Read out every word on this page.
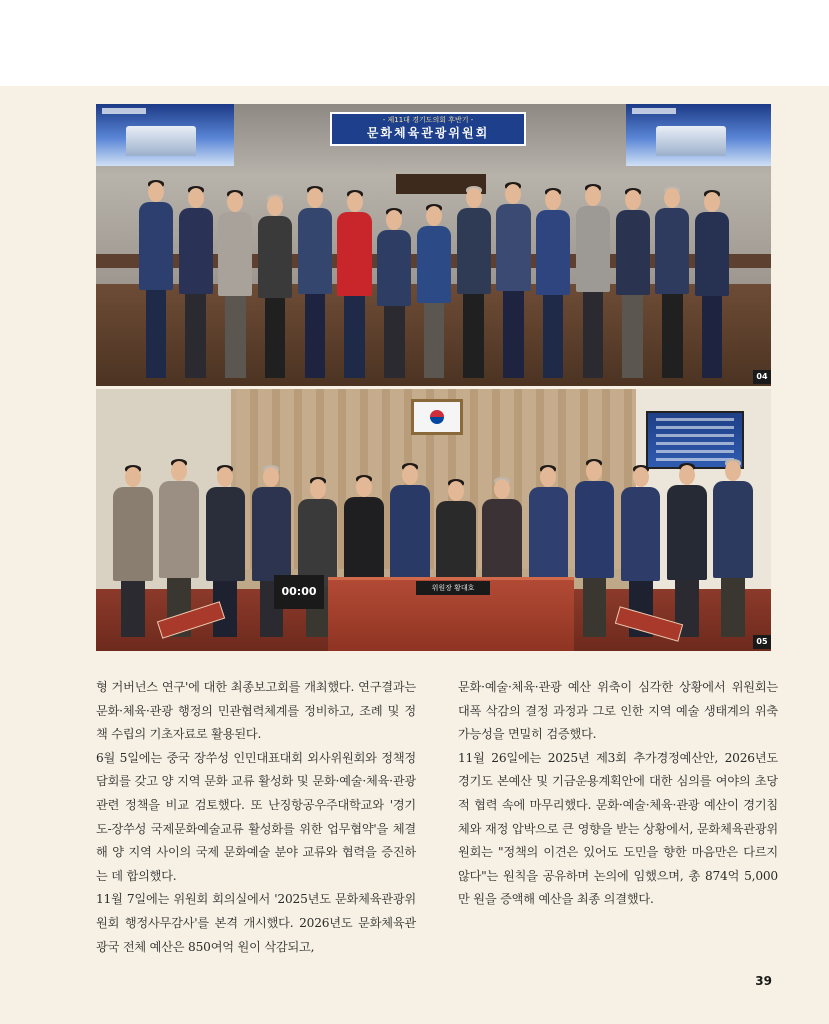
- 제11대 경기도의회 후반기 -
문화체육관광위원회
04
00:00	위원장 황대호
05

형 거버넌스 연구'에 대한 최종보고회를 개최했다. 연구결과는 문화·체육·관광 행정의 민관협력체계를 정비하고, 조례 및 정책 수립의 기초자료로 활용된다.

6월 5일에는 중국 장쑤성 인민대표대회 외사위원회와 정책정담회를 갖고 양 지역 문화 교류 활성화 및 문화·예술·체육·관광 관련 정책을 비교 검토했다. 또 난징항공우주대학교와 '경기도-장쑤성 국제문화예술교류 활성화를 위한 업무협약'을 체결해 양 지역 사이의 국제 문화예술 분야 교류와 협력을 증진하는 데 합의했다.

11월 7일에는 위원회 회의실에서 '2025년도 문화체육관광위원회 행정사무감사'를 본격 개시했다. 2026년도 문화체육관광국 전체 예산은 850여억 원이 삭감되고,

문화·예술·체육·관광 예산 위축이 심각한 상황에서 위원회는 대폭 삭감의 결정 과정과 그로 인한 지역 예술 생태계의 위축 가능성을 면밀히 검증했다.

11월 26일에는 2025년 제3회 추가경정예산안, 2026년도 경기도 본예산 및 기금운용계획안에 대한 심의를 여야의 초당적 협력 속에 마무리했다. 문화·예술·체육·관광 예산이 경기침체와 재정 압박으로 큰 영향을 받는 상황에서, 문화체육관광위원회는 "정책의 이견은 있어도 도민을 향한 마음만은 다르지 않다"는 원칙을 공유하며 논의에 임했으며, 총 874억 5,000만 원을 증액해 예산을 최종 의결했다.

39
